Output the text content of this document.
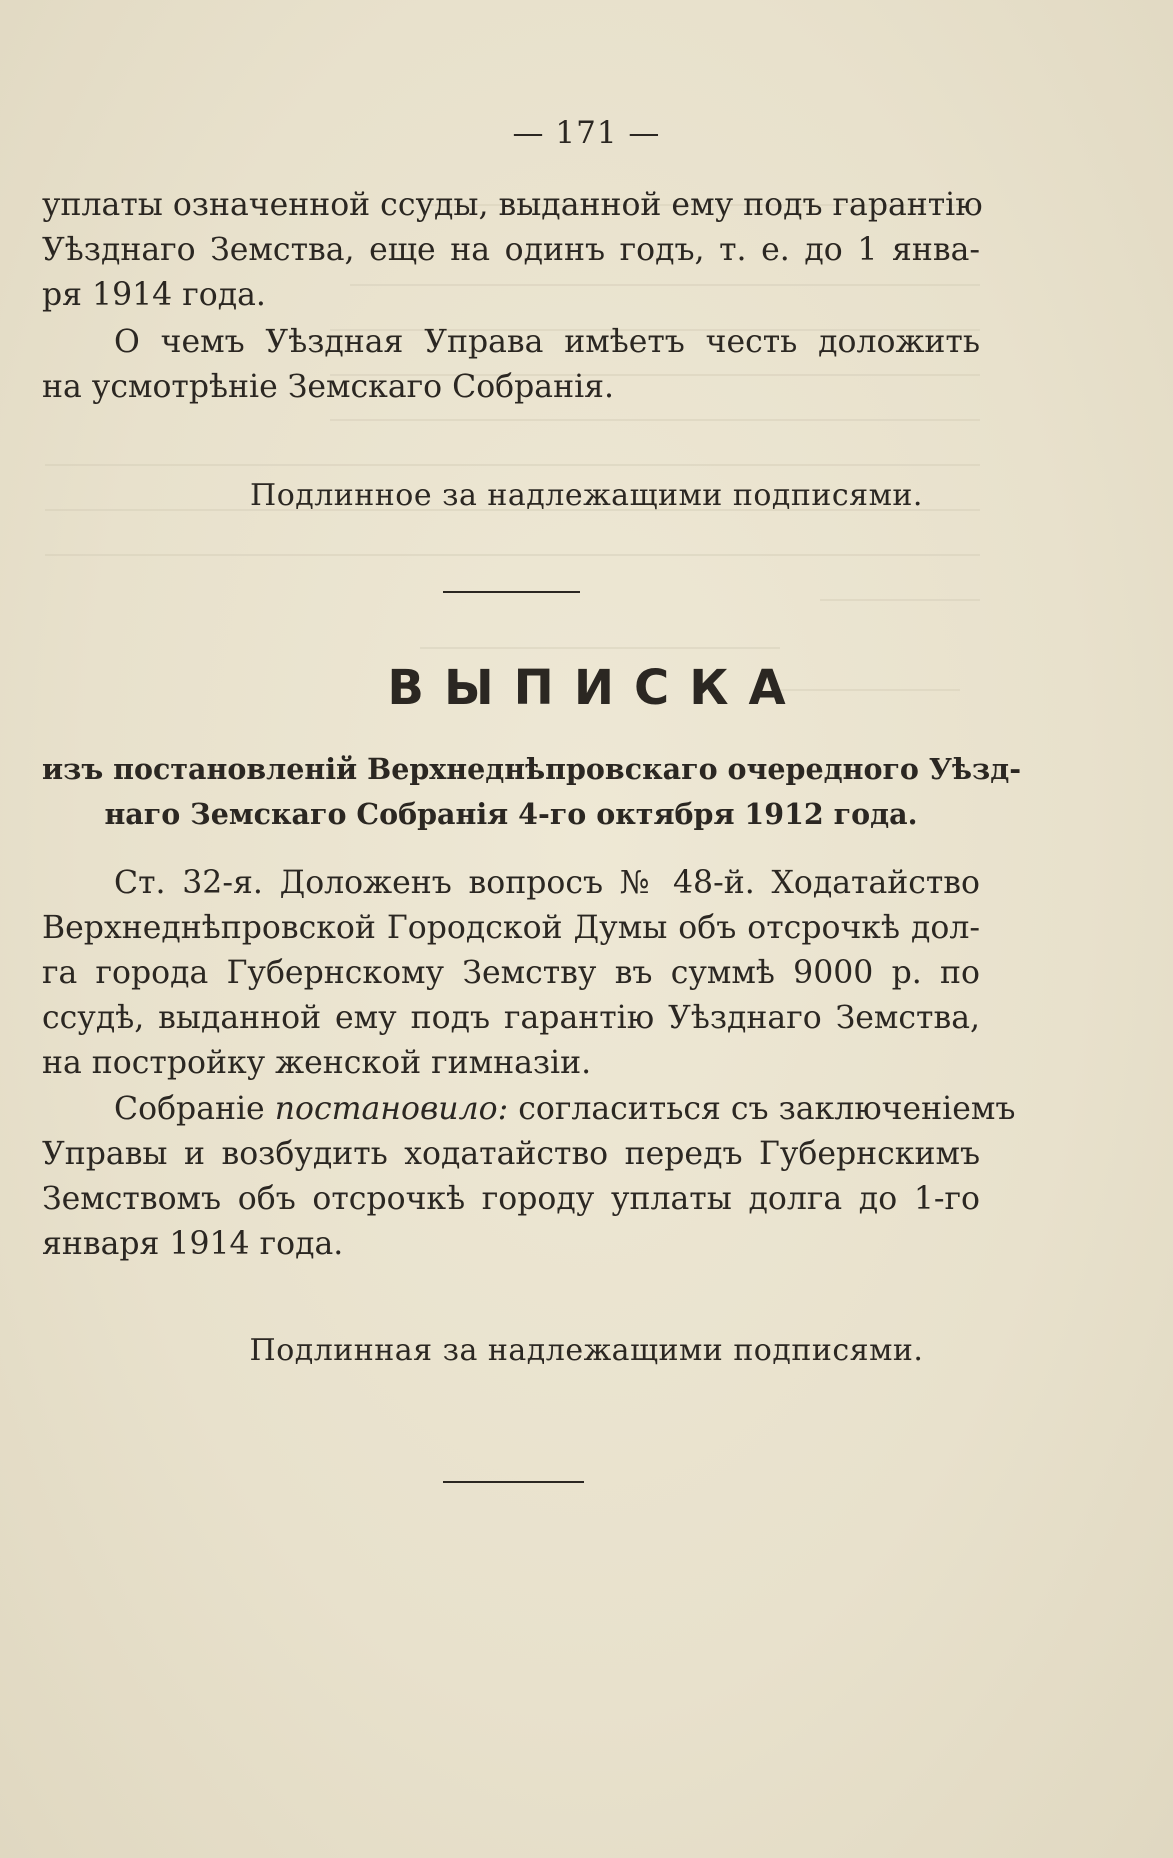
— 171 —
уплаты означенной ссуды, выданной ему подъ гарантію
Уѣзднаго Земства, еще на одинъ годъ, т. е. до 1 янва-
ря 1914 года.
О чемъ Уѣздная Управа имѣетъ честь доложить
на усмотрѣніе Земскаго Собранія.
Подлинное за надлежащими подписями.
ВЫПИСКА
изъ постановленій Верхнеднѣпровскаго очередного Уѣзд-
наго Земскаго Собранія 4-го октября 1912 года.
Ст. 32-я. Доложенъ вопросъ № 48-й. Ходатайство
Верхнеднѣпровской Городской Думы объ отсрочкѣ дол-
га города Губернскому Земству въ суммѣ 9000 р. по
ссудѣ, выданной ему подъ гарантію Уѣзднаго Земства,
на постройку женской гимназіи.
Собраніе постановило: согласиться съ заключеніемъ
Управы и возбудить ходатайство передъ Губернскимъ
Земствомъ объ отсрочкѣ городу уплаты долга до 1-го
января 1914 года.
Подлинная за надлежащими подписями.
